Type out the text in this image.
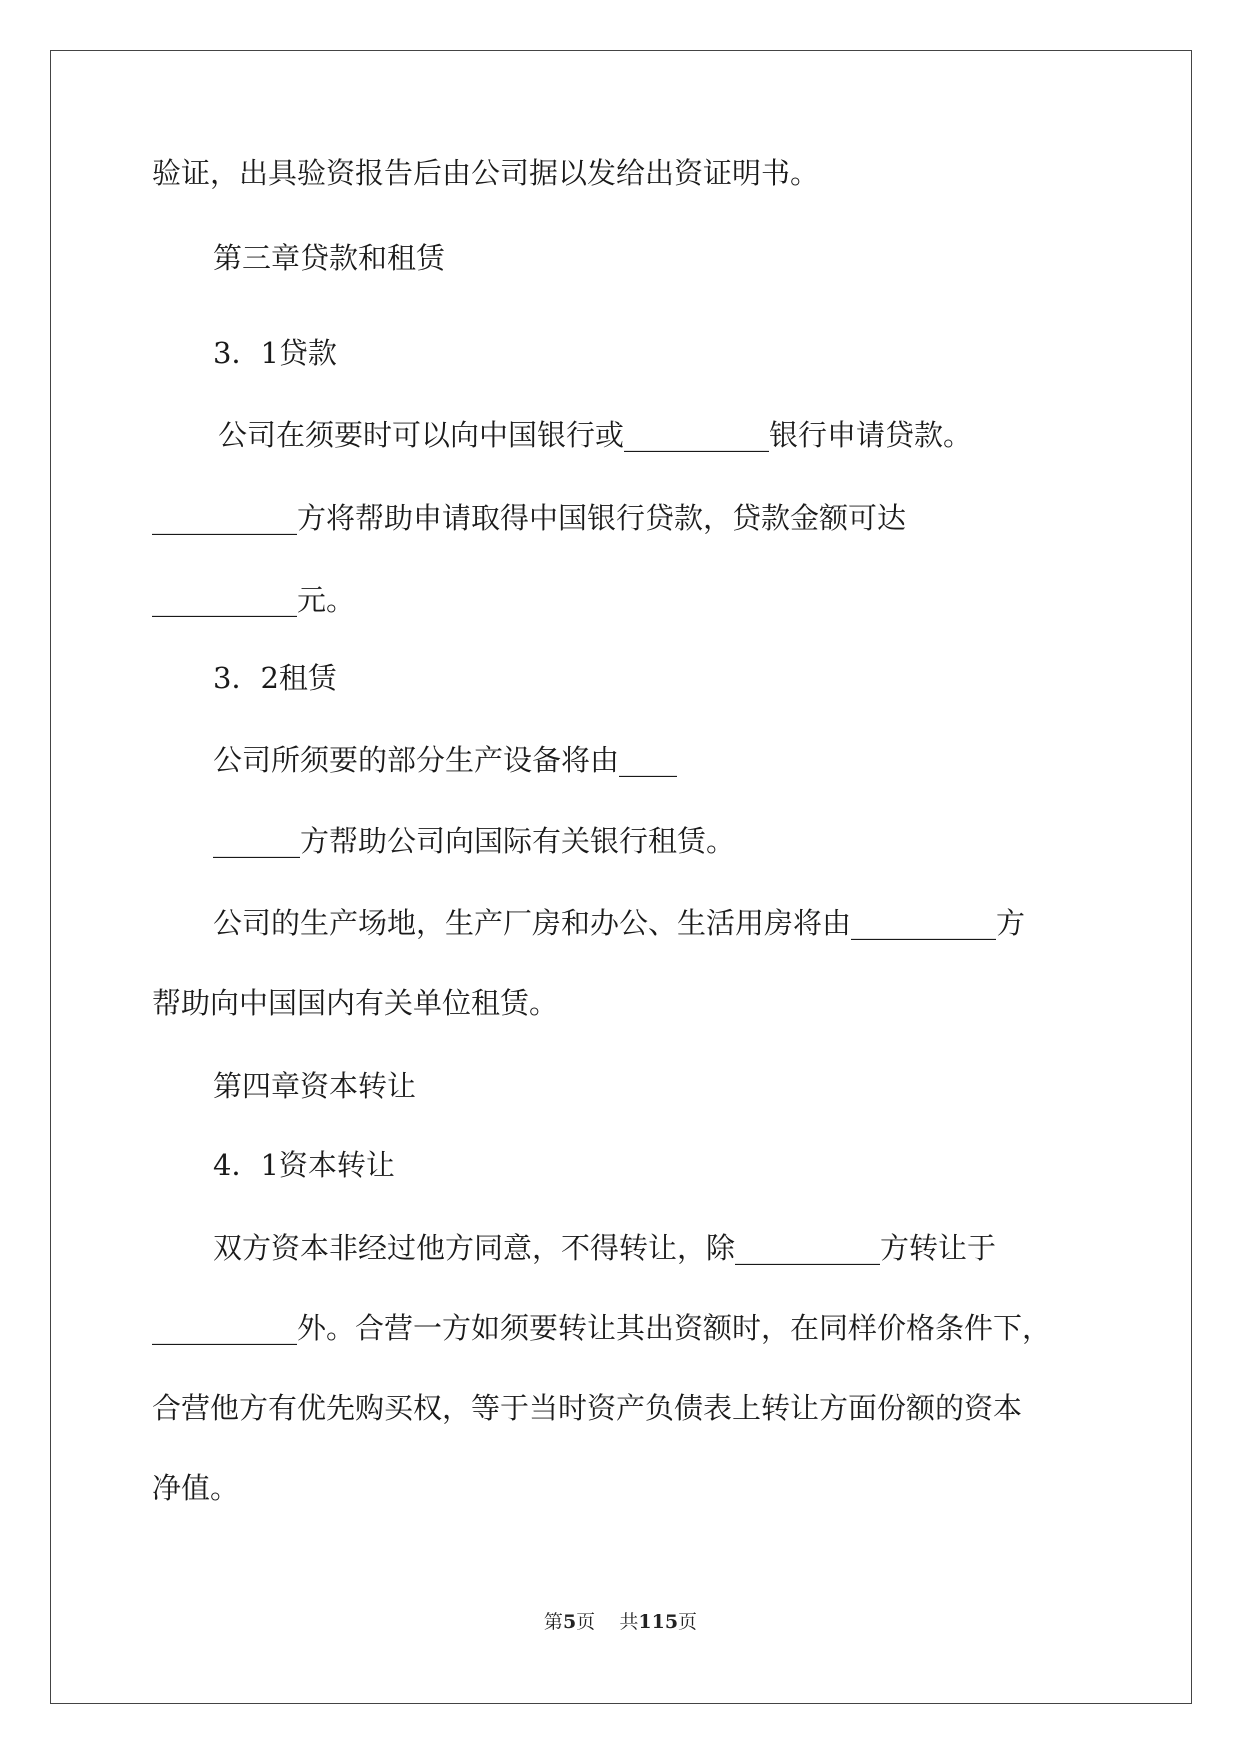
验证，出具验资报告后由公司据以发给出资证明书。
第三章贷款和租赁
3．1贷款
公司在须要时可以向中国银行或__________银行申请贷款。
__________方将帮助申请取得中国银行贷款，贷款金额可达
__________元。
3．2租赁
公司所须要的部分生产设备将由____
______方帮助公司向国际有关银行租赁。
公司的生产场地，生产厂房和办公、生活用房将由__________方
帮助向中国国内有关单位租赁。
第四章资本转让
4．1资本转让
双方资本非经过他方同意，不得转让，除__________方转让于
__________外。合营一方如须要转让其出资额时，在同样价格条件下，
合营他方有优先购买权，等于当时资产负债表上转让方面份额的资本
净值。
第5页 共115页
